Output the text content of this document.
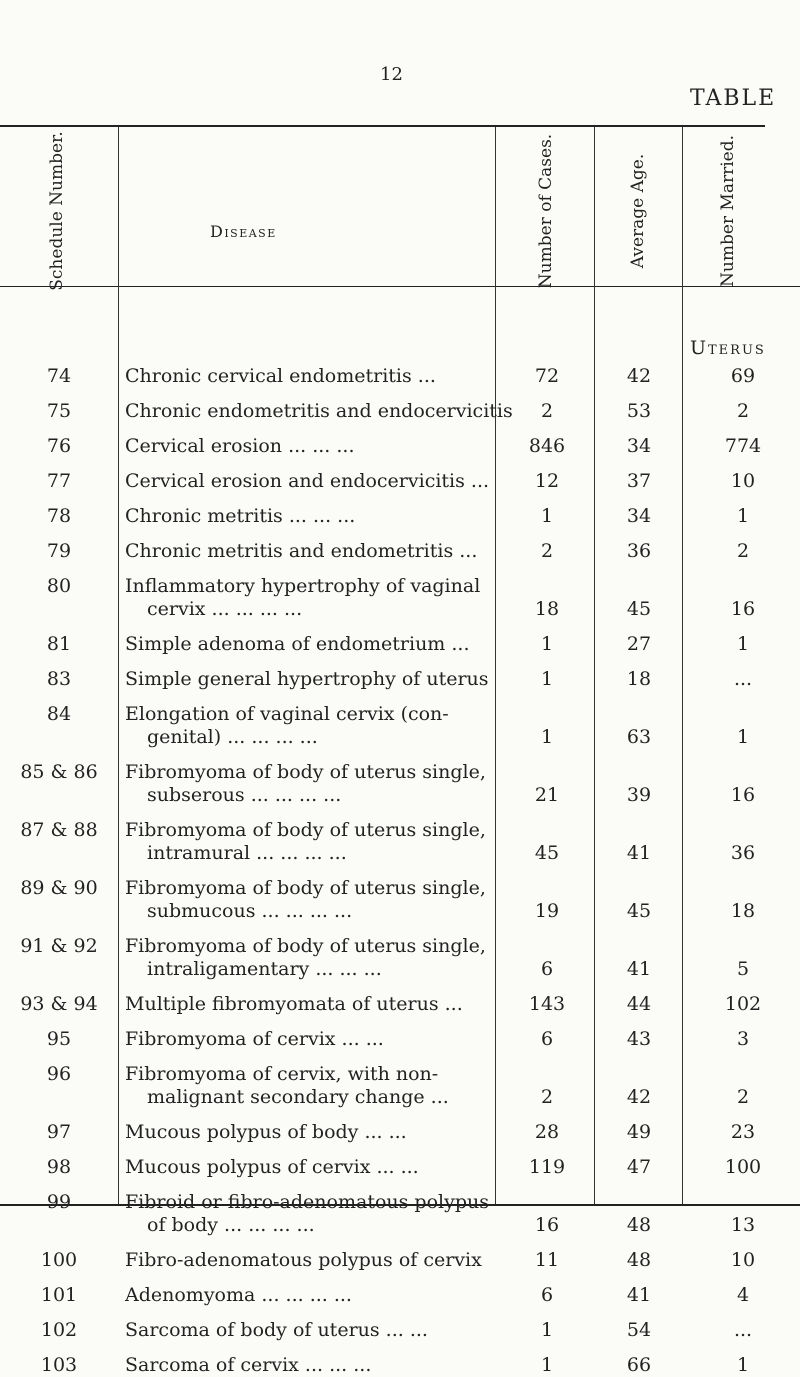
12
TABLE
Schedule Number.	Disease	Number of Cases.	Average Age.	Number Married.
Uterus
74	Chronic cervical endometritis ...	72	42	69
75	Chronic endometritis and endocervicitis	2	53	2
76	Cervical erosion ... ... ...	846	34	774
77	Cervical erosion and endocervicitis ...	12	37	10
78	Chronic metritis ... ... ...	1	34	1
79	Chronic metritis and endometritis ...	2	36	2
80	Inflammatory hypertrophy of vaginal
cervix ... ... ... ...	18	45	16
81	Simple adenoma of endometrium ...	1	27	1
83	Simple general hypertrophy of uterus	1	18	...
84	Elongation of vaginal cervix (con-
genital) ... ... ... ...	1	63	1
85 & 86	Fibromyoma of body of uterus single,
subserous ... ... ... ...	21	39	16
87 & 88	Fibromyoma of body of uterus single,
intramural ... ... ... ...	45	41	36
89 & 90	Fibromyoma of body of uterus single,
submucous ... ... ... ...	19	45	18
91 & 92	Fibromyoma of body of uterus single,
intraligamentary ... ... ...	6	41	5
93 & 94	Multiple fibromyomata of uterus ...	143	44	102
95	Fibromyoma of cervix ... ...	6	43	3
96	Fibromyoma of cervix, with non-
malignant secondary change ...	2	42	2
97	Mucous polypus of body ... ...	28	49	23
98	Mucous polypus of cervix ... ...	119	47	100
99	Fibroid or fibro-adenomatous polypus
of body ... ... ... ...	16	48	13
100	Fibro-adenomatous polypus of cervix	11	48	10
101	Adenomyoma ... ... ... ...	6	41	4
102	Sarcoma of body of uterus ... ...	1	54	...
103	Sarcoma of cervix ... ... ...	1	66	1
